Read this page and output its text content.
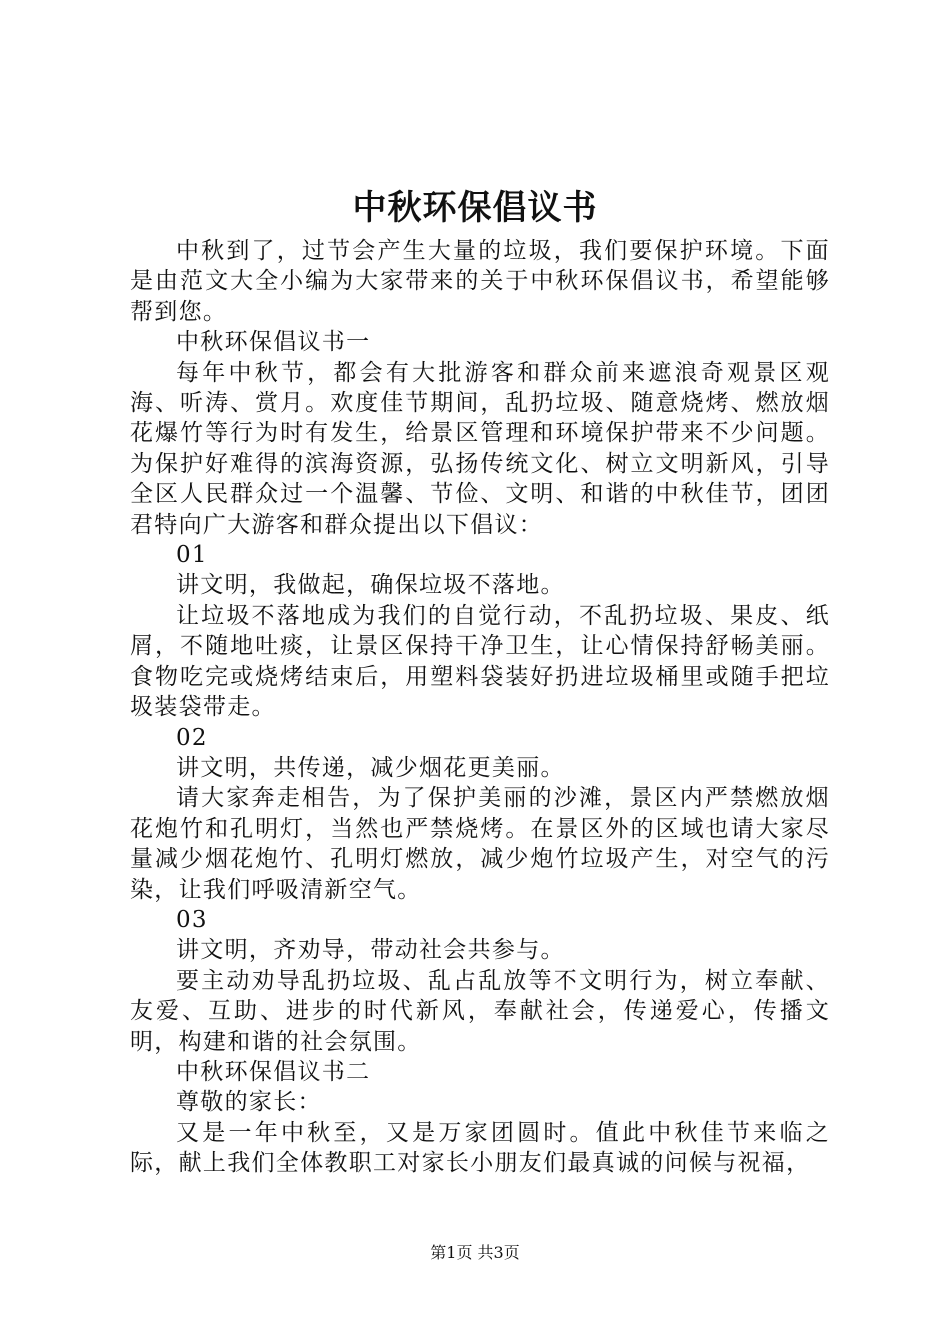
中秋环保倡议书

中秋到了，过节会产生大量的垃圾，我们要保护环境。下面是由范文大全小编为大家带来的关于中秋环保倡议书，希望能够帮到您。

中秋环保倡议书一

每年中秋节，都会有大批游客和群众前来遮浪奇观景区观海、听涛、赏月。欢度佳节期间，乱扔垃圾、随意烧烤、燃放烟花爆竹等行为时有发生，给景区管理和环境保护带来不少问题。为保护好难得的滨海资源，弘扬传统文化、树立文明新风，引导全区人民群众过一个温馨、节俭、文明、和谐的中秋佳节，团团君特向广大游客和群众提出以下倡议：

01

讲文明，我做起，确保垃圾不落地。

让垃圾不落地成为我们的自觉行动，不乱扔垃圾、果皮、纸屑，不随地吐痰，让景区保持干净卫生，让心情保持舒畅美丽。食物吃完或烧烤结束后，用塑料袋装好扔进垃圾桶里或随手把垃圾装袋带走。

02

讲文明，共传递，减少烟花更美丽。

请大家奔走相告，为了保护美丽的沙滩，景区内严禁燃放烟花炮竹和孔明灯，当然也严禁烧烤。在景区外的区域也请大家尽量减少烟花炮竹、孔明灯燃放，减少炮竹垃圾产生，对空气的污染，让我们呼吸清新空气。

03

讲文明，齐劝导，带动社会共参与。

要主动劝导乱扔垃圾、乱占乱放等不文明行为，树立奉献、友爱、互助、进步的时代新风，奉献社会，传递爱心，传播文明，构建和谐的社会氛围。

中秋环保倡议书二

尊敬的家长：

又是一年中秋至，又是万家团圆时。值此中秋佳节来临之际，献上我们全体教职工对家长小朋友们最真诚的问候与祝福，

第1页 共3页
